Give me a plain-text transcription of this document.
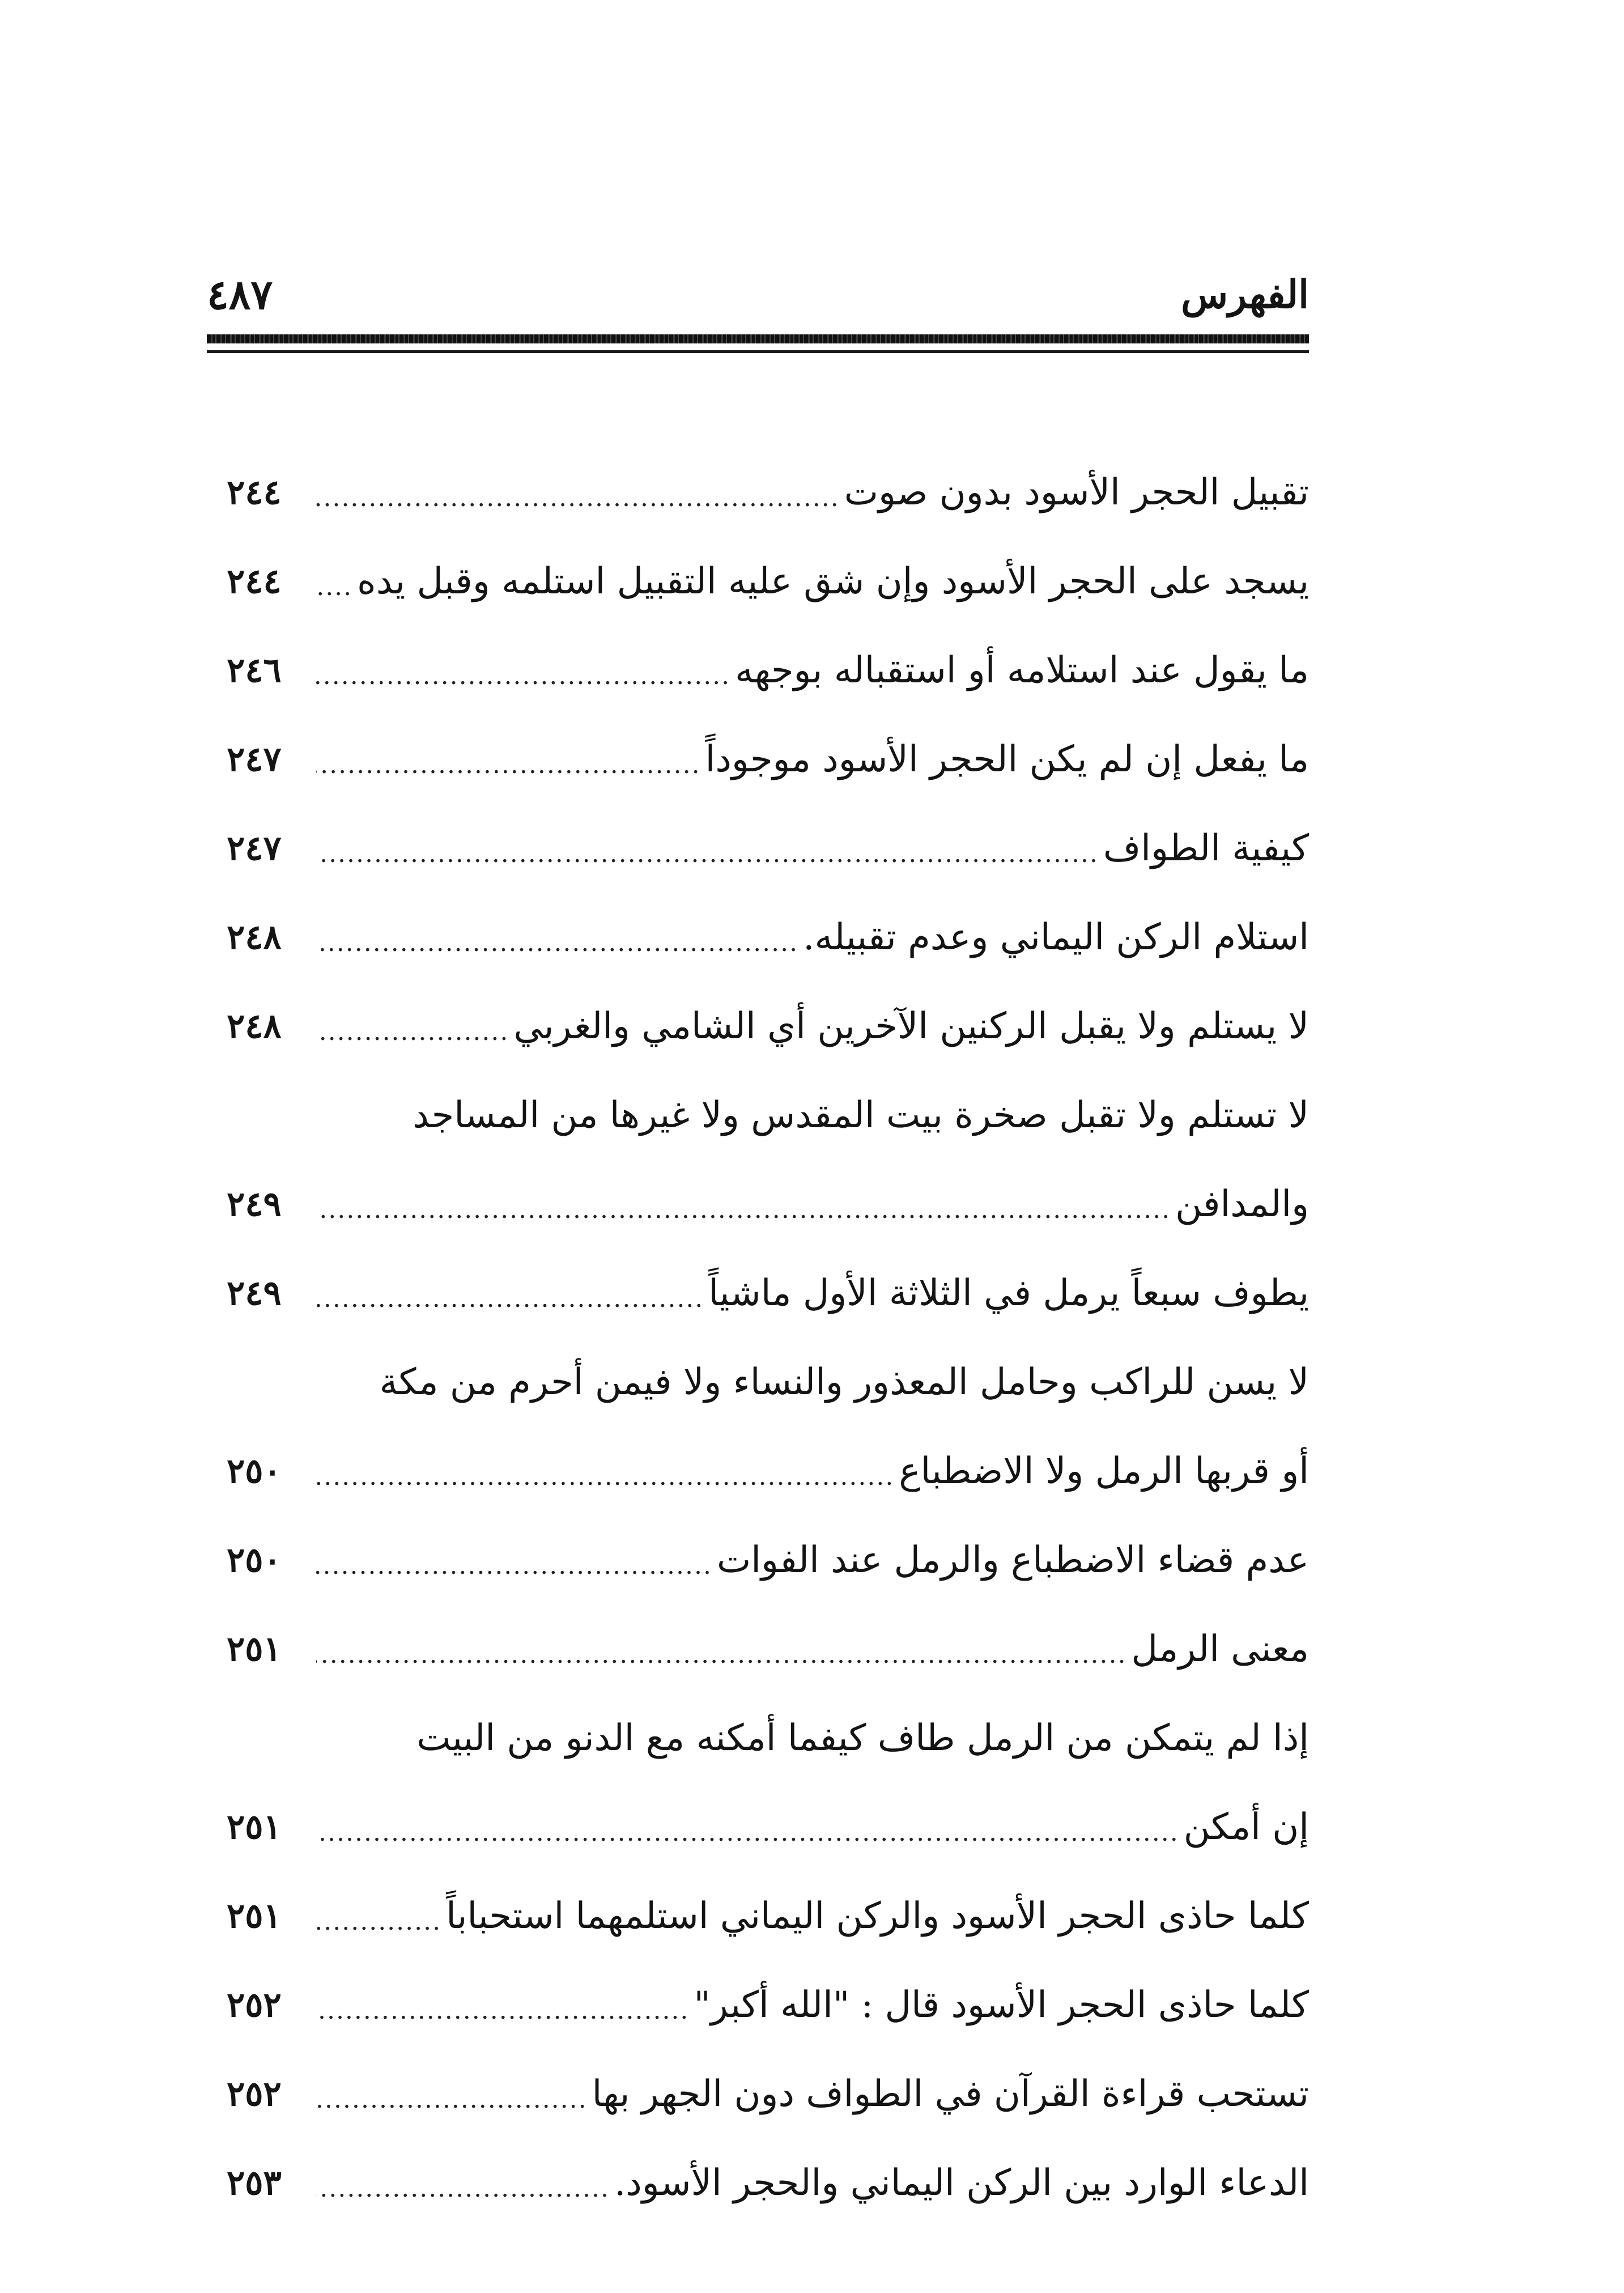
٤٨٧	الفهرس
تقبيل الحجر الأسود بدون صوت
.....
٢٤٤
يسجد على الحجر الأسود وإن شق عليه التقبيل استلمه وقبل يده
.....
٢٤٤
ما يقول عند استلامه أو استقباله بوجهه
.....
٢٤٦
ما يفعل إن لم يكن الحجر الأسود موجوداً
.....
٢٤٧
كيفية الطواف
.....
٢٤٧
استلام الركن اليماني وعدم تقبيله.
.....
٢٤٨
لا يستلم ولا يقبل الركنين الآخرين أي الشامي والغربي
.....
٢٤٨
لا تستلم ولا تقبل صخرة بيت المقدس ولا غيرها من المساجد
والمدافن
.....
٢٤٩
يطوف سبعاً يرمل في الثلاثة الأول ماشياً
.....
٢٤٩
لا يسن للراكب وحامل المعذور والنساء ولا فيمن أحرم من مكة
أو قربها الرمل ولا الاضطباع
.....
٢٥٠
عدم قضاء الاضطباع والرمل عند الفوات
.....
٢٥٠
معنى الرمل
.....
٢٥١
إذا لم يتمكن من الرمل طاف كيفما أمكنه مع الدنو من البيت
إن أمكن
.....
٢٥١
كلما حاذى الحجر الأسود والركن اليماني استلمهما استحباباً
.....
٢٥١
كلما حاذى الحجر الأسود قال : "الله أكبر"
.....
٢٥٢
تستحب قراءة القرآن في الطواف دون الجهر بها
.....
٢٥٢
الدعاء الوارد بين الركن اليماني والحجر الأسود.
.....
٢٥٣
